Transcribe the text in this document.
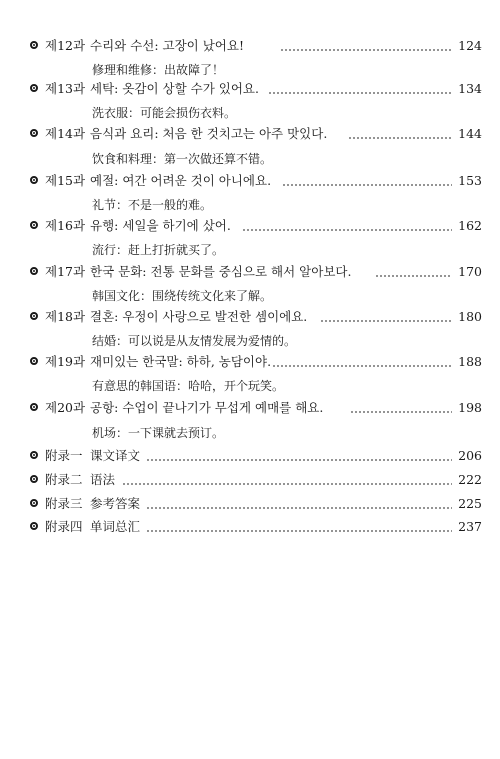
제12과 수리와 수선: 고장이 났어요!	124
修理和维修：出故障了！
제13과 세탁: 옷감이 상할 수가 있어요.	134
洗衣服：可能会损伤衣料。
제14과 음식과 요리: 처음 한 것치고는 아주 맛있다.	144
饮食和料理：第一次做还算不错。
제15과 예절: 여간 어려운 것이 아니에요.	153
礼节：不是一般的难。
제16과 유행: 세일을 하기에 샀어.	162
流行：赶上打折就买了。
제17과 한국 문화: 전통 문화를 중심으로 해서 알아보다.	170
韩国文化：围绕传统文化来了解。
제18과 결혼: 우정이 사랑으로 발전한 셈이에요.	180
结婚：可以说是从友情发展为爱情的。
제19과 재미있는 한국말: 하하, 농담이야.	188
有意思的韩国语：哈哈，开个玩笑。
제20과 공항: 수업이 끝나기가 무섭게 예매를 해요.	198
机场：一下课就去预订。
附录一 课文译文	206
附录二 语法	222
附录三 参考答案	225
附录四 单词总汇	237
